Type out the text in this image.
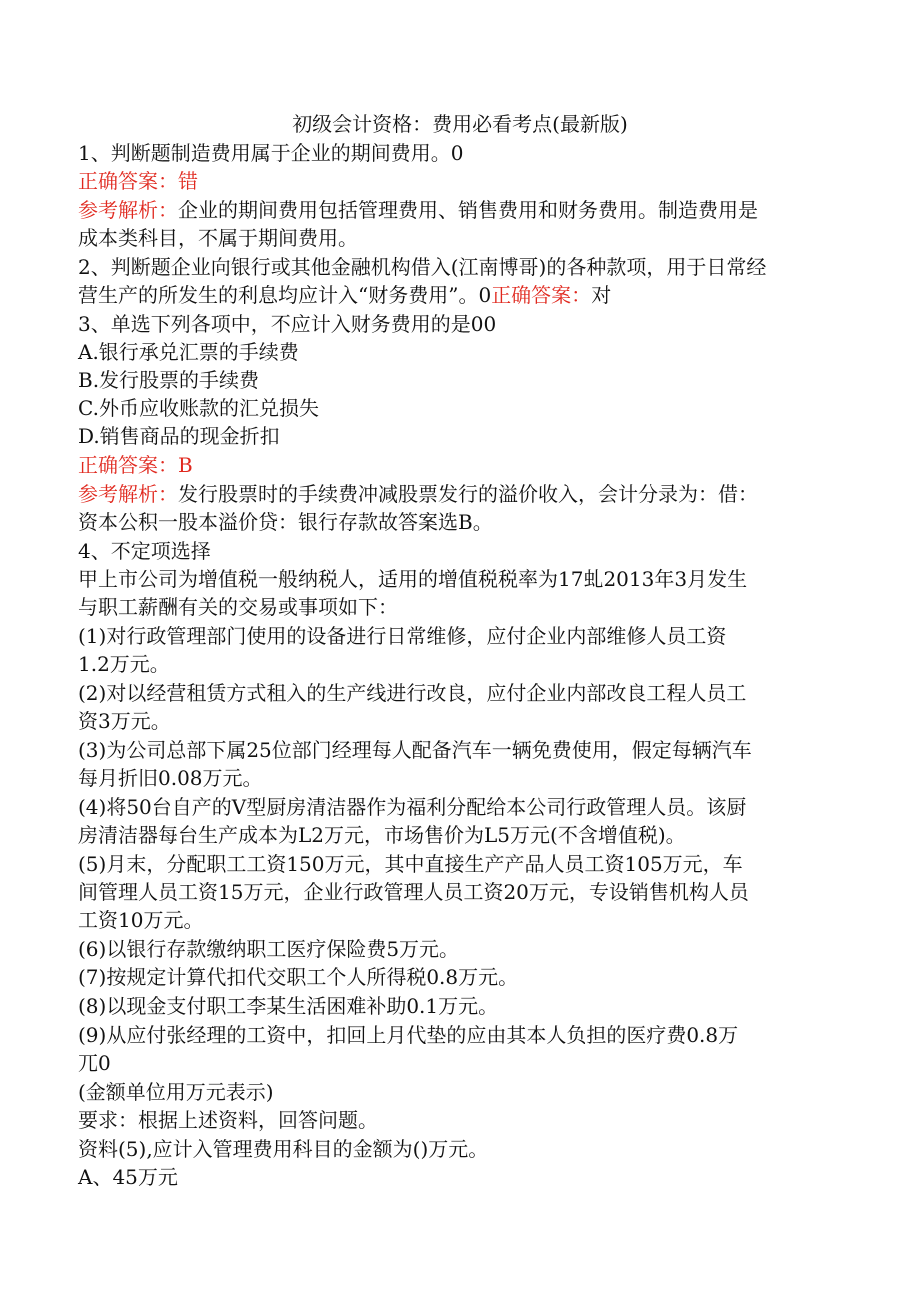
初级会计资格：费用必看考点(最新版)
1、判断题制造费用属于企业的期间费用。0
正确答案：错
参考解析：企业的期间费用包括管理费用、销售费用和财务费用。制造费用是
成本类科目，不属于期间费用。
2、判断题企业向银行或其他金融机构借入(江南博哥)的各种款项，用于日常经
营生产的所发生的利息均应计入“财务费用”。0正确答案：对
3、单选下列各项中，不应计入财务费用的是00
A.银行承兑汇票的手续费
B.发行股票的手续费
C.外币应收账款的汇兑损失
D.销售商品的现金折扣
正确答案：B
参考解析：发行股票时的手续费冲减股票发行的溢价收入，会计分录为：借：
资本公积一股本溢价贷：银行存款故答案选B。
4、不定项选择
甲上市公司为增值税一般纳税人，适用的增值税税率为17虬2013年3月发生
与职工薪酬有关的交易或事项如下：
(1)对行政管理部门使用的设备进行日常维修，应付企业内部维修人员工资
1.2万元。
(2)对以经营租赁方式租入的生产线进行改良，应付企业内部改良工程人员工
资3万元。
(3)为公司总部下属25位部门经理每人配备汽车一辆免费使用，假定每辆汽车
每月折旧0.08万元。
(4)将50台自产的V型厨房清洁器作为福利分配给本公司行政管理人员。该厨
房清洁器每台生产成本为L2万元，市场售价为L5万元(不含增值税)。
(5)月末，分配职工工资150万元，其中直接生产产品人员工资105万元，车
间管理人员工资15万元，企业行政管理人员工资20万元，专设销售机构人员
工资10万元。
(6)以银行存款缴纳职工医疗保险费5万元。
(7)按规定计算代扣代交职工个人所得税0.8万元。
(8)以现金支付职工李某生活困难补助0.1万元。
(9)从应付张经理的工资中，扣回上月代垫的应由其本人负担的医疗费0.8万
兀0
(金额单位用万元表示)
要求：根据上述资料，回答问题。
资料(5),应计入管理费用科目的金额为()万元。
A、45万元
